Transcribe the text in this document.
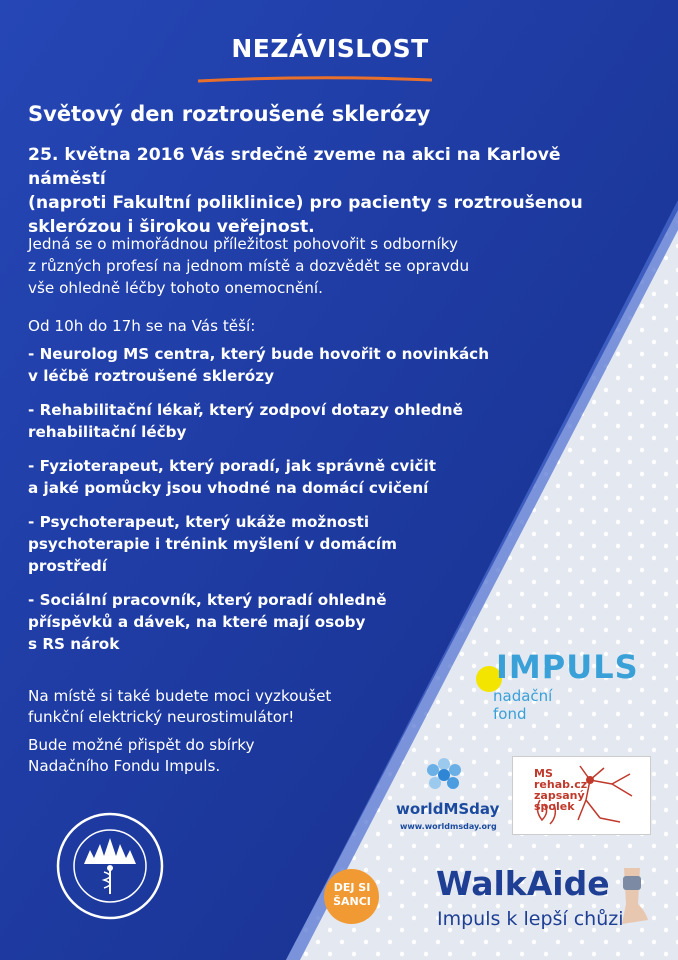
NEZÁVISLOST
Světový den roztroušené sklerózy
25. května 2016 Vás srdečně zveme na akci na Karlově náměstí
(naproti Fakultní poliklinice) pro pacienty s roztroušenou
sklerózou i širokou veřejnost.
Jedná se o mimořádnou příležitost pohovořit s odborníky
z různých profesí na jednom místě a dozvědět se opravdu
vše ohledně léčby tohoto onemocnění.
Od 10h do 17h se na Vás těší:
- Neurolog MS centra, který bude hovořit o novinkách
v léčbě roztroušené sklerózy
- Rehabilitační lékař, který zodpoví dotazy ohledně
rehabilitační léčby
- Fyzioterapeut, který poradí, jak správně cvičit
a jaké pomůcky jsou vhodné na domácí cvičení
- Psychoterapeut, který ukáže možnosti
psychoterapie i trénink myšlení v domácím
prostředí
- Sociální pracovník, který poradí ohledně
příspěvků a dávek, na které mají osoby
s RS nárok
Na místě si také budete moci vyzkoušet
funkční elektrický neurostimulátor!
Bude možné přispět do sbírky
Nadačního Fondu Impuls.
IMPULS
nadační
fond
worldMSday
www.worldmsday.org
MS
rehab.cz
zapsaný
spolek
DEJ SI
ŠANCI WalkAide
Impuls k lepší chůzi
